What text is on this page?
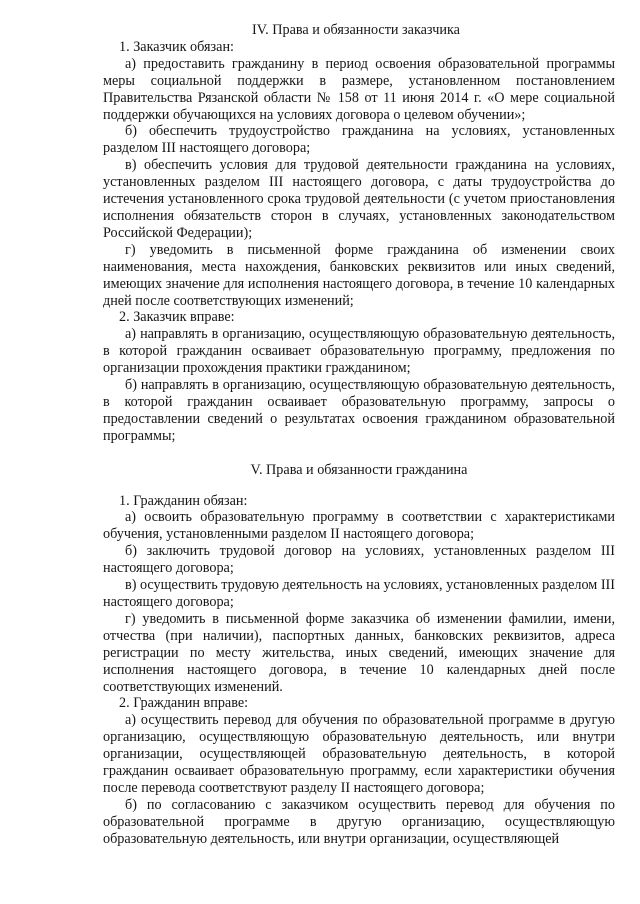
IV. Права и обязанности заказчика

1. Заказчик обязан:

а) предоставить гражданину в период освоения образовательной программы меры социальной поддержки в размере, установленном постановлением Правительства Рязанской области № 158 от 11 июня 2014 г. «О мере социальной поддержки обучающихся на условиях договора о целевом обучении»;

б) обеспечить трудоустройство гражданина на условиях, установленных разделом III настоящего договора;

в) обеспечить условия для трудовой деятельности гражданина на условиях, установленных разделом III настоящего договора, с даты трудоустройства до истечения установленного срока трудовой деятельности (с учетом приостановления исполнения обязательств сторон в случаях, установленных законодательством Российской Федерации);

г) уведомить в письменной форме гражданина об изменении своих наименования, места нахождения, банковских реквизитов или иных сведений, имеющих значение для исполнения настоящего договора, в течение 10 календарных дней после соответствующих изменений;

2. Заказчик вправе:

а) направлять в организацию, осуществляющую образовательную деятельность, в которой гражданин осваивает образовательную программу, предложения по организации прохождения практики гражданином;

б) направлять в организацию, осуществляющую образовательную деятельность, в которой гражданин осваивает образовательную программу, запросы о предоставлении сведений о результатах освоения гражданином образовательной программы;

V. Права и обязанности гражданина

1. Гражданин обязан:

а) освоить образовательную программу в соответствии с характеристиками обучения, установленными разделом II настоящего договора;

б) заключить трудовой договор на условиях, установленных разделом III настоящего договора;

в) осуществить трудовую деятельность на условиях, установленных разделом III настоящего договора;

г) уведомить в письменной форме заказчика об изменении фамилии, имени, отчества (при наличии), паспортных данных, банковских реквизитов, адреса регистрации по месту жительства, иных сведений, имеющих значение для исполнения настоящего договора, в течение 10 календарных дней после соответствующих изменений.

2. Гражданин вправе:

а) осуществить перевод для обучения по образовательной программе в другую организацию, осуществляющую образовательную деятельность, или внутри организации, осуществляющей образовательную деятельность, в которой гражданин осваивает образовательную программу, если характеристики обучения после перевода соответствуют разделу II настоящего договора;

б) по согласованию с заказчиком осуществить перевод для обучения по образовательной программе в другую организацию, осуществляющую образовательную деятельность, или внутри организации, осуществляющей
